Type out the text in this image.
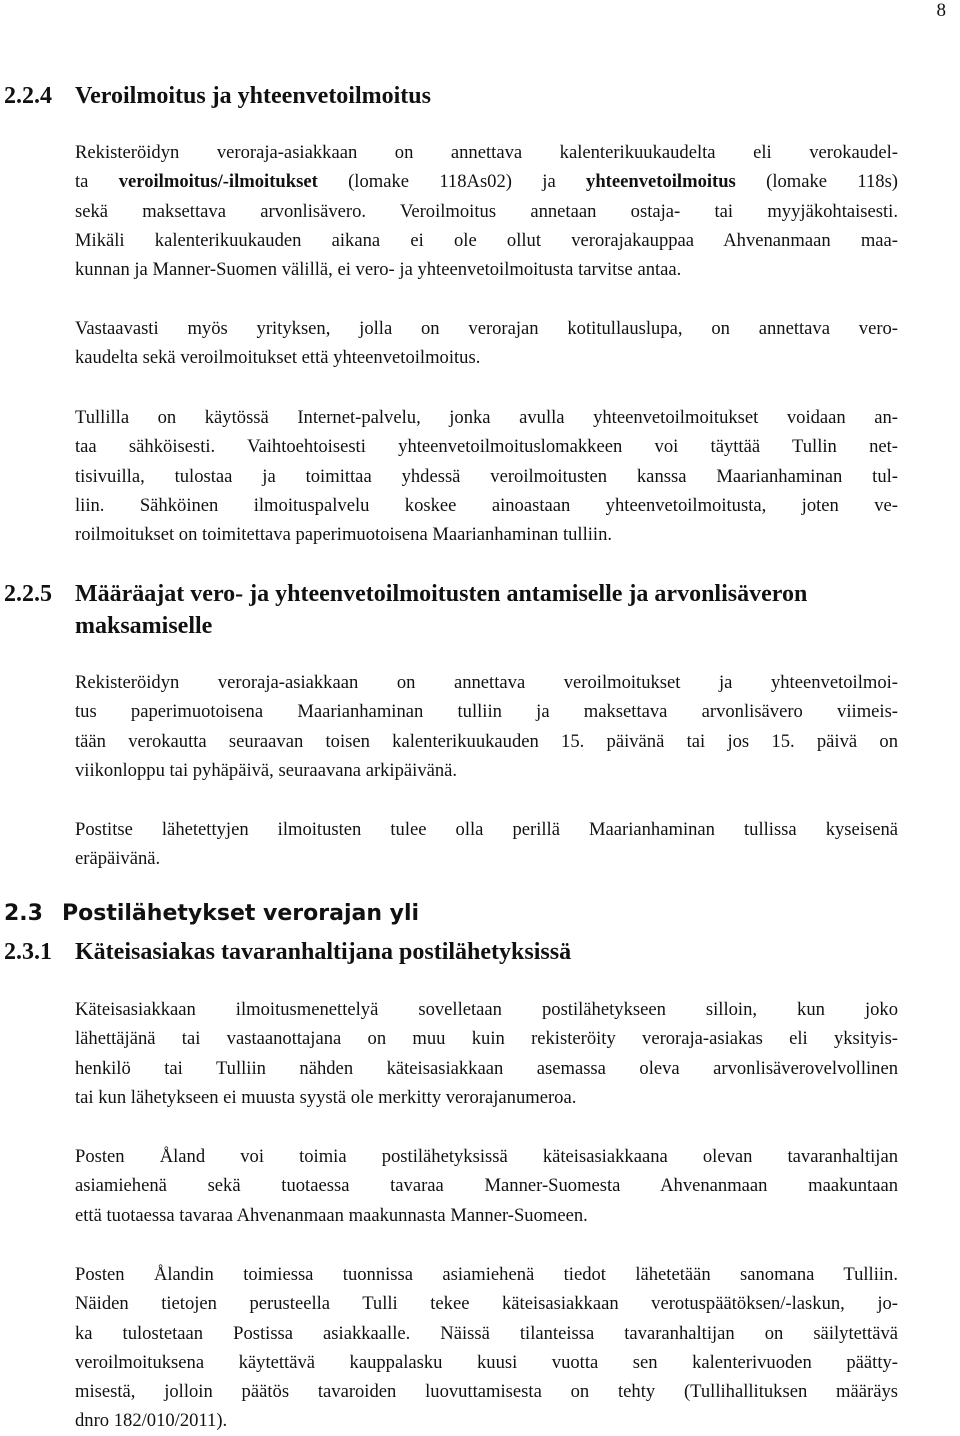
8
2.2.4 Veroilmoitus ja yhteenvetoilmoitus

Rekisteröidyn veroraja-asiakkaan on annettava kalenterikuukaudelta eli verokaudel-
ta veroilmoitus/-ilmoitukset (lomake 118As02) ja yhteenvetoilmoitus (lomake 118s)
sekä maksettava arvonlisävero. Veroilmoitus annetaan ostaja- tai myyjäkohtaisesti.
Mikäli kalenterikuukauden aikana ei ole ollut verorajakauppaa Ahvenanmaan maa-
kunnan ja Manner-Suomen välillä, ei vero- ja yhteenvetoilmoitusta tarvitse antaa.

Vastaavasti myös yrityksen, jolla on verorajan kotitullauslupa, on annettava vero-
kaudelta sekä veroilmoitukset että yhteenvetoilmoitus.

Tullilla on käytössä Internet-palvelu, jonka avulla yhteenvetoilmoitukset voidaan an-
taa sähköisesti. Vaihtoehtoisesti yhteenvetoilmoituslomakkeen voi täyttää Tullin net-
tisivuilla, tulostaa ja toimittaa yhdessä veroilmoitusten kanssa Maarianhaminan tul-
liin. Sähköinen ilmoituspalvelu koskee ainoastaan yhteenvetoilmoitusta, joten ve-
roilmoitukset on toimitettava paperimuotoisena Maarianhaminan tulliin.

2.2.5 Määräajat vero- ja yhteenvetoilmoitusten antamiselle ja arvonlisäveron
maksamiselle

Rekisteröidyn veroraja-asiakkaan on annettava veroilmoitukset ja yhteenvetoilmoi-
tus paperimuotoisena Maarianhaminan tulliin ja maksettava arvonlisävero viimeis-
tään verokautta seuraavan toisen kalenterikuukauden 15. päivänä tai jos 15. päivä on
viikonloppu tai pyhäpäivä, seuraavana arkipäivänä.

Postitse lähetettyjen ilmoitusten tulee olla perillä Maarianhaminan tullissa kyseisenä
eräpäivänä.

2.3 Postilähetykset verorajan yli
2.3.1 Käteisasiakas tavaranhaltijana postilähetyksissä

Käteisasiakkaan ilmoitusmenettelyä sovelletaan postilähetykseen silloin, kun joko
lähettäjänä tai vastaanottajana on muu kuin rekisteröity veroraja-asiakas eli yksityis-
henkilö tai Tulliin nähden käteisasiakkaan asemassa oleva arvonlisäverovelvollinen
tai kun lähetykseen ei muusta syystä ole merkitty verorajanumeroa.

Posten Åland voi toimia postilähetyksissä käteisasiakkaana olevan tavaranhaltijan
asiamiehenä sekä tuotaessa tavaraa Manner-Suomesta Ahvenanmaan maakuntaan
että tuotaessa tavaraa Ahvenanmaan maakunnasta Manner-Suomeen.

Posten Ålandin toimiessa tuonnissa asiamiehenä tiedot lähetetään sanomana Tulliin.
Näiden tietojen perusteella Tulli tekee käteisasiakkaan verotuspäätöksen/-laskun, jo-
ka tulostetaan Postissa asiakkaalle. Näissä tilanteissa tavaranhaltijan on säilytettävä
veroilmoituksena käytettävä kauppalasku kuusi vuotta sen kalenterivuoden päätty-
misestä, jolloin päätös tavaroiden luovuttamisesta on tehty (Tullihallituksen määräys
dnro 182/010/2011).
